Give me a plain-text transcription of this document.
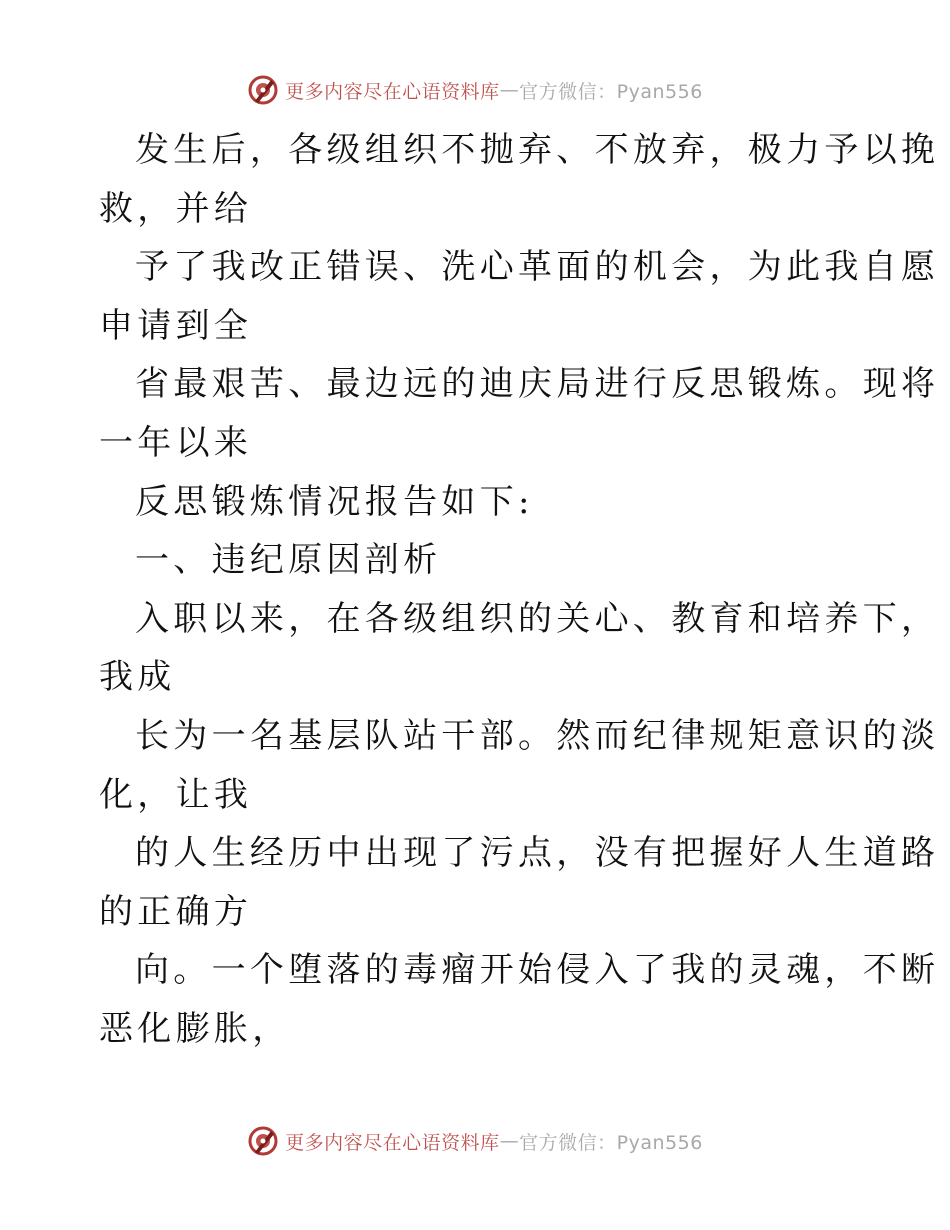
更多内容尽在心语资料库 — 官方微信：Pyan556
发生后，各级组织不抛弃、不放弃，极力予以挽
救，并给
予了我改正错误、洗心革面的机会，为此我自愿
申请到全
省最艰苦、最边远的迪庆局进行反思锻炼。现将
一年以来
反思锻炼情况报告如下:
一、违纪原因剖析
入职以来，在各级组织的关心、教育和培养下，
我成
长为一名基层队站干部。然而纪律规矩意识的淡
化，让我
的人生经历中出现了污点，没有把握好人生道路
的正确方
向。一个堕落的毒瘤开始侵入了我的灵魂，不断
恶化膨胀，
更多内容尽在心语资料库 — 官方微信：Pyan556
